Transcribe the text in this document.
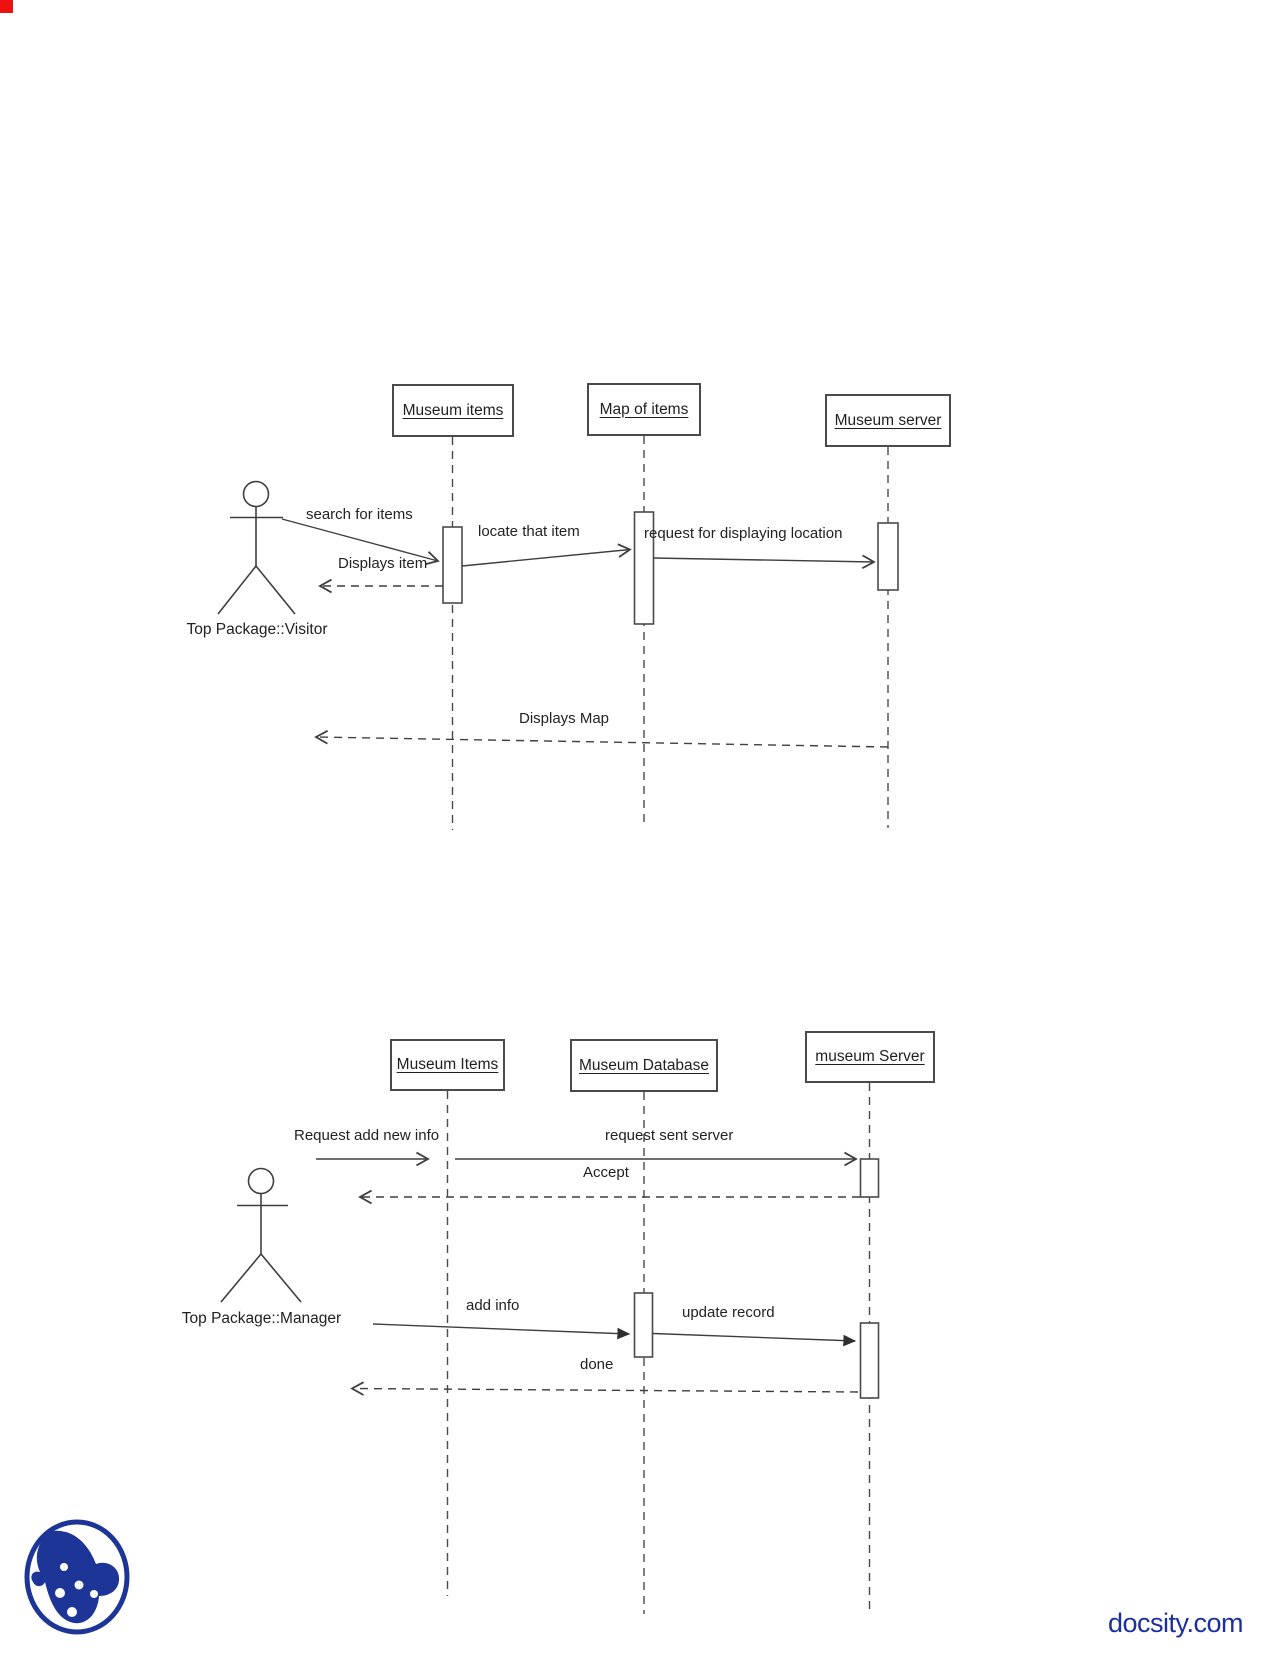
Museum items	Map of items
Museum server
search for items
Displays item
locate that item	request for displaying location
Displays Map
Top Package::Visitor
Museum Items	Museum Database	museum Server
Request add new info	request sent server
Accept
add info	update record
done
Top Package::Manager
docsity.com
